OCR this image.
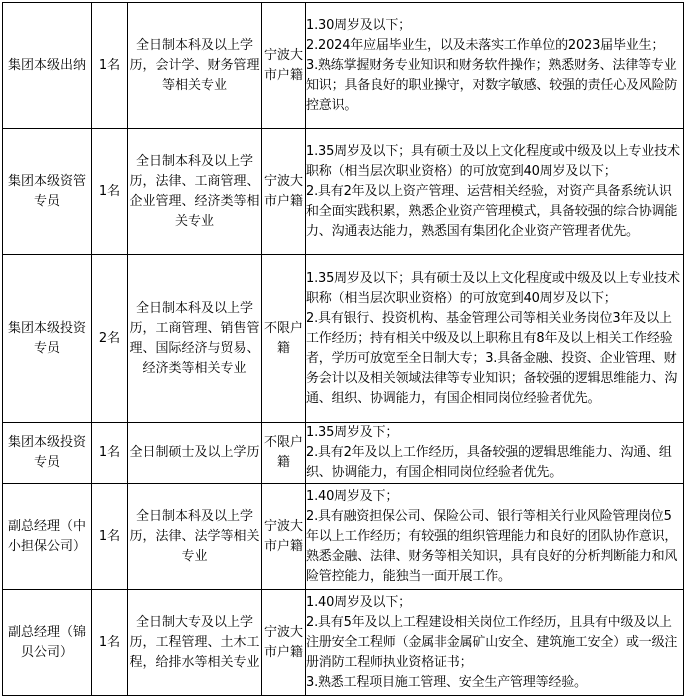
集团本级出纳	1名	全日制本科及以上学历，会计学、财务管理等相关专业	宁波大市户籍	1.30周岁及以下；
2.2024年应届毕业生，以及未落实工作单位的2023届毕业生；
3.熟练掌握财务专业知识和财务软件操作；熟悉财务、法律等专业知识；具备良好的职业操守，对数字敏感、较强的责任心及风险防控意识。

集团本级资管专员	1名	全日制本科及以上学历，法律、工商管理、企业管理、经济类等相关专业	宁波大市户籍	1.35周岁及以下；具有硕士及以上文化程度或中级及以上专业技术职称（相当层次职业资格）的可放宽到40周岁及以下；
2.具有2年及以上资产管理、运营相关经验，对资产具备系统认识和全面实践积累，熟悉企业资产管理模式，具备较强的综合协调能力、沟通表达能力，熟悉国有集团化企业资产管理者优先。

集团本级投资专员	2名	全日制本科及以上学历，工商管理、销售管理、国际经济与贸易、经济类等相关专业	不限户籍	1.35周岁及以下；具有硕士及以上文化程度或中级及以上专业技术职称（相当层次职业资格）的可放宽到40周岁及以下；
2.具有银行、投资机构、基金管理公司等相关业务岗位3年及以上工作经历；持有相关中级及以上职称且有8年及以上相关工作经验者，学历可放宽至全日制大专；3.具备金融、投资、企业管理、财务会计以及相关领域法律等专业知识；备较强的逻辑思维能力、沟通、组织、协调能力，有国企相同岗位经验者优先。

集团本级投资专员	1名	全日制硕士及以上学历	不限户籍	1.35周岁及下；
2.具有2年及以上工作经历，具备较强的逻辑思维能力、沟通、组织、协调能力，有国企相同岗位经验者优先。

副总经理（中小担保公司）	1名	全日制本科及以上学历，法律、法学等相关专业	宁波大市户籍	1.40周岁及下；
2.具有融资担保公司、保险公司、银行等相关行业风险管理岗位5年以上工作经历；有较强的组织管理能力和良好的团队协作意识，熟悉金融、法律、财务等相关知识，具有良好的分析判断能力和风险管控能力，能独当一面开展工作。

副总经理（锦贝公司）	1名	全日制大专及以上学历，工程管理、土木工程，给排水等相关专业	宁波大市户籍	1.40周岁及以下；
2.具有5年及以上工程建设相关岗位工作经历，且具有中级及以上注册安全工程师（金属非金属矿山安全、建筑施工安全）或一级注册消防工程师执业资格证书；
3.熟悉工程项目施工管理、安全生产管理等经验。
